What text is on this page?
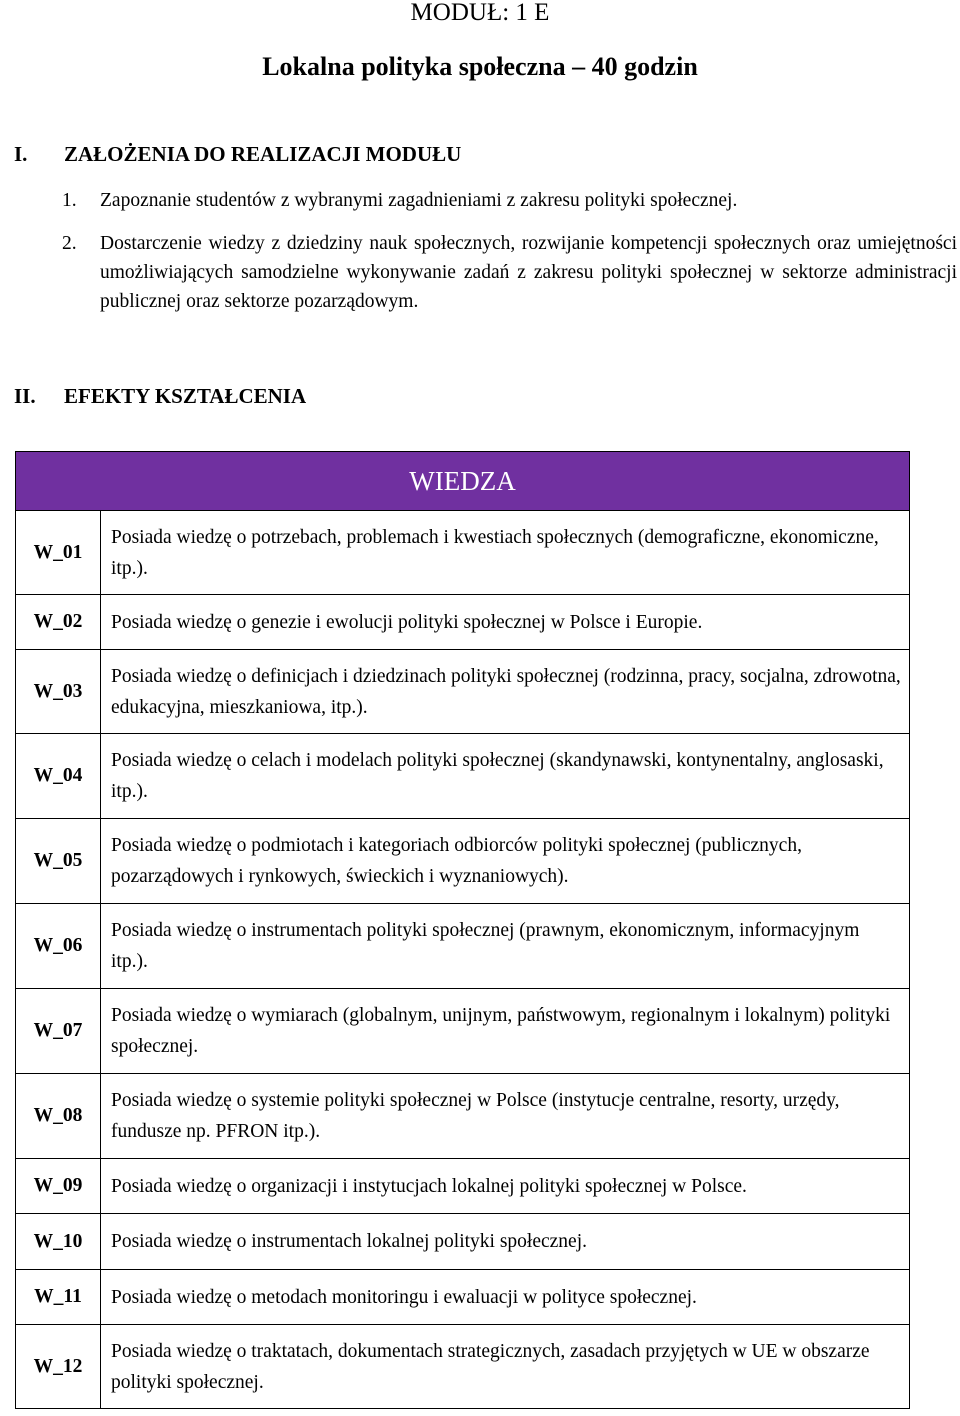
MODUŁ: 1 E
Lokalna polityka społeczna – 40 godzin
I. ZAŁOŻENIA DO REALIZACJI MODUŁU
1. Zapoznanie studentów z wybranymi zagadnieniami z zakresu polityki społecznej.
2. Dostarczenie wiedzy z dziedziny nauk społecznych, rozwijanie kompetencji społecznych oraz umiejętności umożliwiających samodzielne wykonywanie zadań z zakresu polityki społecznej w sektorze administracji publicznej oraz sektorze pozarządowym.
II. EFEKTY KSZTAŁCENIA
WIEDZA	
W_01	Posiada wiedzę o potrzebach, problemach i kwestiach społecznych (demograficzne, ekonomiczne, itp.).
W_02	Posiada wiedzę o genezie i ewolucji polityki społecznej w Polsce i Europie.
W_03	Posiada wiedzę o definicjach i dziedzinach polityki społecznej (rodzinna, pracy, socjalna, zdrowotna, edukacyjna, mieszkaniowa, itp.).
W_04	Posiada wiedzę o celach i modelach polityki społecznej (skandynawski, kontynentalny, anglosaski, itp.).
W_05	Posiada wiedzę o podmiotach i kategoriach odbiorców polityki społecznej (publicznych, pozarządowych i rynkowych, świeckich i wyznaniowych).
W_06	Posiada wiedzę o instrumentach polityki społecznej (prawnym, ekonomicznym, informacyjnym itp.).
W_07	Posiada wiedzę o wymiarach (globalnym, unijnym, państwowym, regionalnym i lokalnym) polityki społecznej.
W_08	Posiada wiedzę o systemie polityki społecznej w Polsce (instytucje centralne, resorty, urzędy, fundusze np. PFRON itp.).
W_09	Posiada wiedzę o organizacji i instytucjach lokalnej polityki społecznej w Polsce.
W_10	Posiada wiedzę o instrumentach lokalnej polityki społecznej.
W_11	Posiada wiedzę o metodach monitoringu i ewaluacji w polityce społecznej.
W_12	Posiada wiedzę o traktatach, dokumentach strategicznych, zasadach przyjętych w UE w obszarze polityki społecznej.
